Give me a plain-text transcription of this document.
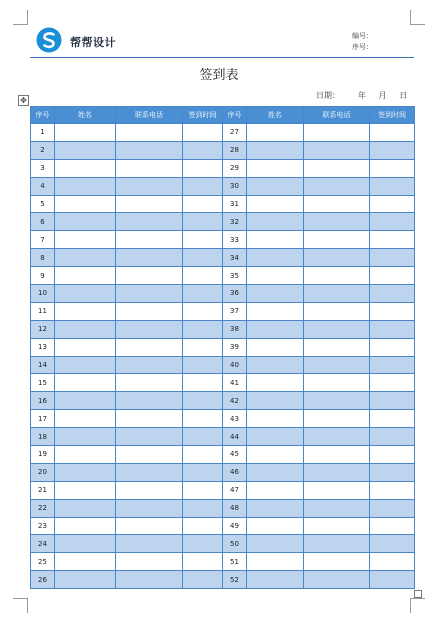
帮帮设计	编号：
序号：
签到表
日期： 年 月 日
✥
序号	姓名	联系电话	签到时间	序号	姓名	联系电话	签到时间
1				27			
2				28			
3				29			
4				30			
5				31			
6				32			
7				33			
8				34			
9				35			
10				36			
11				37			
12				38			
13				39			
14				40			
15				41			
16				42			
17				43			
18				44			
19				45			
20				46			
21				47			
22				48			
23				49			
24				50			
25				51			
26				52			
